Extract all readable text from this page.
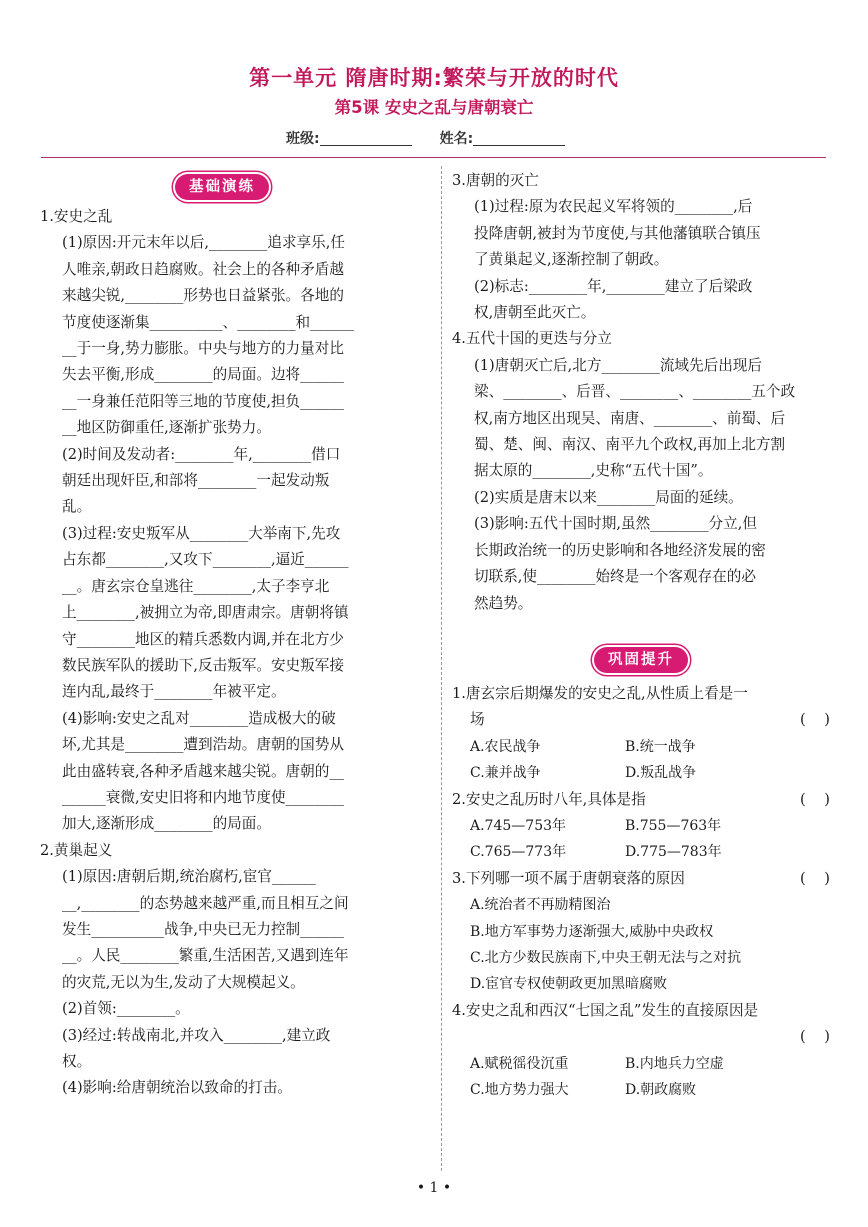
第一单元 隋唐时期:繁荣与开放的时代
第5课 安史之乱与唐朝衰亡
班级:	姓名:
基础演练

1.安史之乱

(1)原因:开元末年以后,________追求享乐,任

人唯亲,朝政日趋腐败。社会上的各种矛盾越

来越尖锐,________形势也日益紧张。各地的

节度使逐渐集__________、________和______

__于一身,势力膨胀。中央与地方的力量对比

失去平衡,形成________的局面。边将______

__一身兼任范阳等三地的节度使,担负______

__地区防御重任,逐渐扩张势力。

(2)时间及发动者:________年,________借口

朝廷出现奸臣,和部将________一起发动叛

乱。

(3)过程:安史叛军从________大举南下,先攻

占东都________,又攻下________,逼近______

__。唐玄宗仓皇逃往________,太子李亨北

上________,被拥立为帝,即唐肃宗。唐朝将镇

守________地区的精兵悉数内调,并在北方少

数民族军队的援助下,反击叛军。安史叛军接

连内乱,最终于________年被平定。

(4)影响:安史之乱对________造成极大的破

坏,尤其是________遭到浩劫。唐朝的国势从

此由盛转衰,各种矛盾越来越尖锐。唐朝的__

______衰微,安史旧将和内地节度使________

加大,逐渐形成________的局面。

2.黄巢起义

(1)原因:唐朝后期,统治腐朽,宦官______

__,________的态势越来越严重,而且相互之间

发生__________战争,中央已无力控制______

__。人民________繁重,生活困苦,又遇到连年

的灾荒,无以为生,发动了大规模起义。

(2)首领:________。

(3)经过:转战南北,并攻入________,建立政

权。

(4)影响:给唐朝统治以致命的打击。

3.唐朝的灭亡

(1)过程:原为农民起义军将领的________,后

投降唐朝,被封为节度使,与其他藩镇联合镇压

了黄巢起义,逐渐控制了朝政。

(2)标志:________年,________建立了后梁政

权,唐朝至此灭亡。

4.五代十国的更迭与分立

(1)唐朝灭亡后,北方________流域先后出现后

梁、________、后晋、________、________五个政

权,南方地区出现吴、南唐、________、前蜀、后

蜀、楚、闽、南汉、南平九个政权,再加上北方割

据太原的________,史称“五代十国”。

(2)实质是唐末以来________局面的延续。

(3)影响:五代十国时期,虽然________分立,但

长期政治统一的历史影响和各地经济发展的密

切联系,使________始终是一个客观存在的必

然趋势。

巩固提升
1.唐玄宗后期爆发的安史之乱,从性质上看是一
场	(    )
A.农民战争	B.统一战争
C.兼并战争	D.叛乱战争
2.安史之乱历时八年,具体是指	(    )
A.745—753年	B.755—763年
C.765—773年	D.775—783年
3.下列哪一项不属于唐朝衰落的原因	(    )
A.统治者不再励精图治
B.地方军事势力逐渐强大,威胁中央政权
C.北方少数民族南下,中央王朝无法与之对抗
D.宦官专权使朝政更加黑暗腐败
4.安史之乱和西汉“七国之乱”发生的直接原因是
(    )
A.赋税徭役沉重	B.内地兵力空虚
C.地方势力强大	D.朝政腐败
• 1 •
